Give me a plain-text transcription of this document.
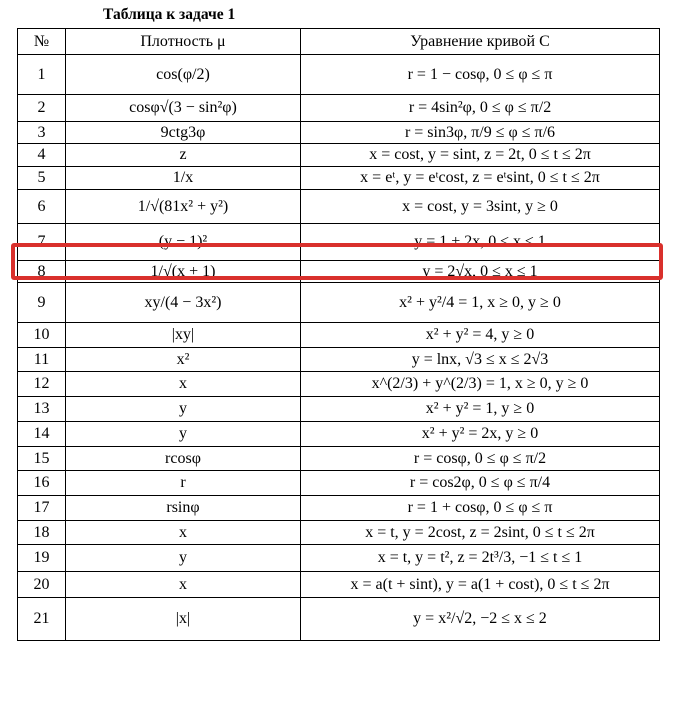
Таблица к задаче 1
№	Плотность μ	Уравнение кривой C
1	cos(φ/2)	r = 1 − cosφ, 0 ≤ φ ≤ π
2	cosφ√(3 − sin²φ)	r = 4sin²φ, 0 ≤ φ ≤ π/2
3	9ctg3φ	r = sin3φ, π/9 ≤ φ ≤ π/6
4	z	x = cost, y = sint, z = 2t, 0 ≤ t ≤ 2π
5	1/x	x = eᵗ, y = eᵗcost, z = eᵗsint, 0 ≤ t ≤ 2π
6	1/√(81x² + y²)	x = cost, y = 3sint, y ≥ 0
7	(y − 1)²	y = 1 + 2x, 0 ≤ x ≤ 1
8	1/√(x + 1)	y = 2√x, 0 ≤ x ≤ 1
9	xy/(4 − 3x²)	x² + y²/4 = 1, x ≥ 0, y ≥ 0
10	|xy|	x² + y² = 4, y ≥ 0
11	x²	y = lnx, √3 ≤ x ≤ 2√3
12	x	x^(2/3) + y^(2/3) = 1, x ≥ 0, y ≥ 0
13	y	x² + y² = 1, y ≥ 0
14	y	x² + y² = 2x, y ≥ 0
15	rcosφ	r = cosφ, 0 ≤ φ ≤ π/2
16	r	r = cos2φ, 0 ≤ φ ≤ π/4
17	rsinφ	r = 1 + cosφ, 0 ≤ φ ≤ π
18	x	x = t, y = 2cost, z = 2sint, 0 ≤ t ≤ 2π
19	y	x = t, y = t², z = 2t³/3, −1 ≤ t ≤ 1
20	x	x = a(t + sint), y = a(1 + cost), 0 ≤ t ≤ 2π
21	|x|	y = x²/√2, −2 ≤ x ≤ 2
